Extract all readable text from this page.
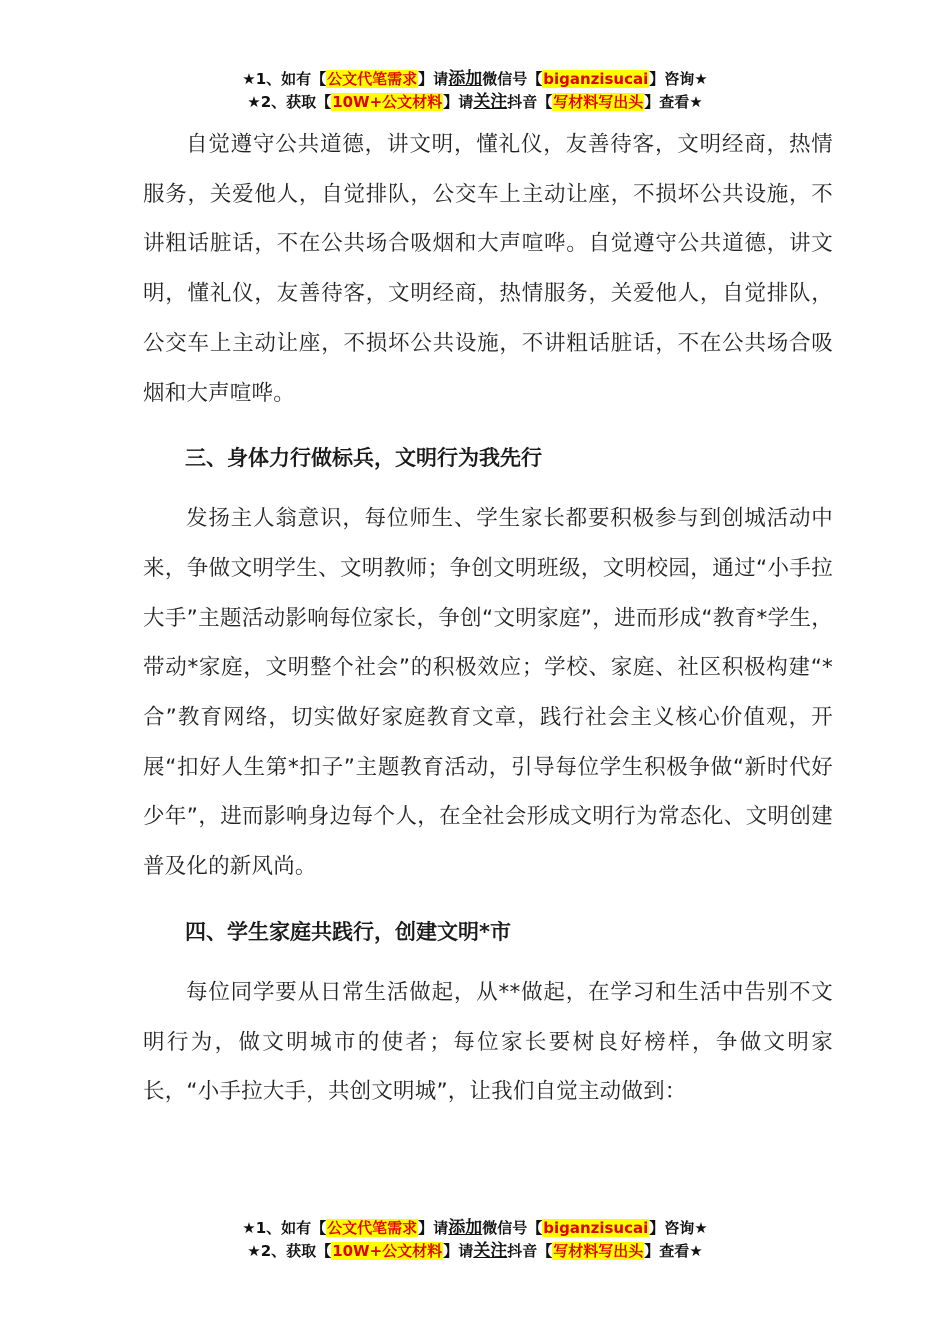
★1、如有【公文代笔需求】请添加微信号【biganzisucai】咨询★
★2、获取【10W+公文材料】请关注抖音【写材料写出头】查看★

自觉遵守公共道德，讲文明，懂礼仪，友善待客，文明经商，热情服务，关爱他人，自觉排队，公交车上主动让座，不损坏公共设施，不讲粗话脏话，不在公共场合吸烟和大声喧哗。自觉遵守公共道德，讲文明，懂礼仪，友善待客，文明经商，热情服务，关爱他人，自觉排队，公交车上主动让座，不损坏公共设施，不讲粗话脏话，不在公共场合吸烟和大声喧哗。

三、身体力行做标兵，文明行为我先行

发扬主人翁意识，每位师生、学生家长都要积极参与到创城活动中来，争做文明学生、文明教师；争创文明班级，文明校园，通过“小手拉大手”主题活动影响每位家长，争创“文明家庭”，进而形成“教育*学生，带动*家庭，文明整个社会”的积极效应；学校、家庭、社区积极构建“*合”教育网络，切实做好家庭教育文章，践行社会主义核心价值观，开展“扣好人生第*扣子”主题教育活动，引导每位学生积极争做“新时代好少年”，进而影响身边每个人，在全社会形成文明行为常态化、文明创建普及化的新风尚。

四、学生家庭共践行，创建文明*市

每位同学要从日常生活做起，从**做起，在学习和生活中告别不文明行为，做文明城市的使者；每位家长要树良好榜样，争做文明家长，“小手拉大手，共创文明城”，让我们自觉主动做到：

★1、如有【公文代笔需求】请添加微信号【biganzisucai】咨询★
★2、获取【10W+公文材料】请关注抖音【写材料写出头】查看★
